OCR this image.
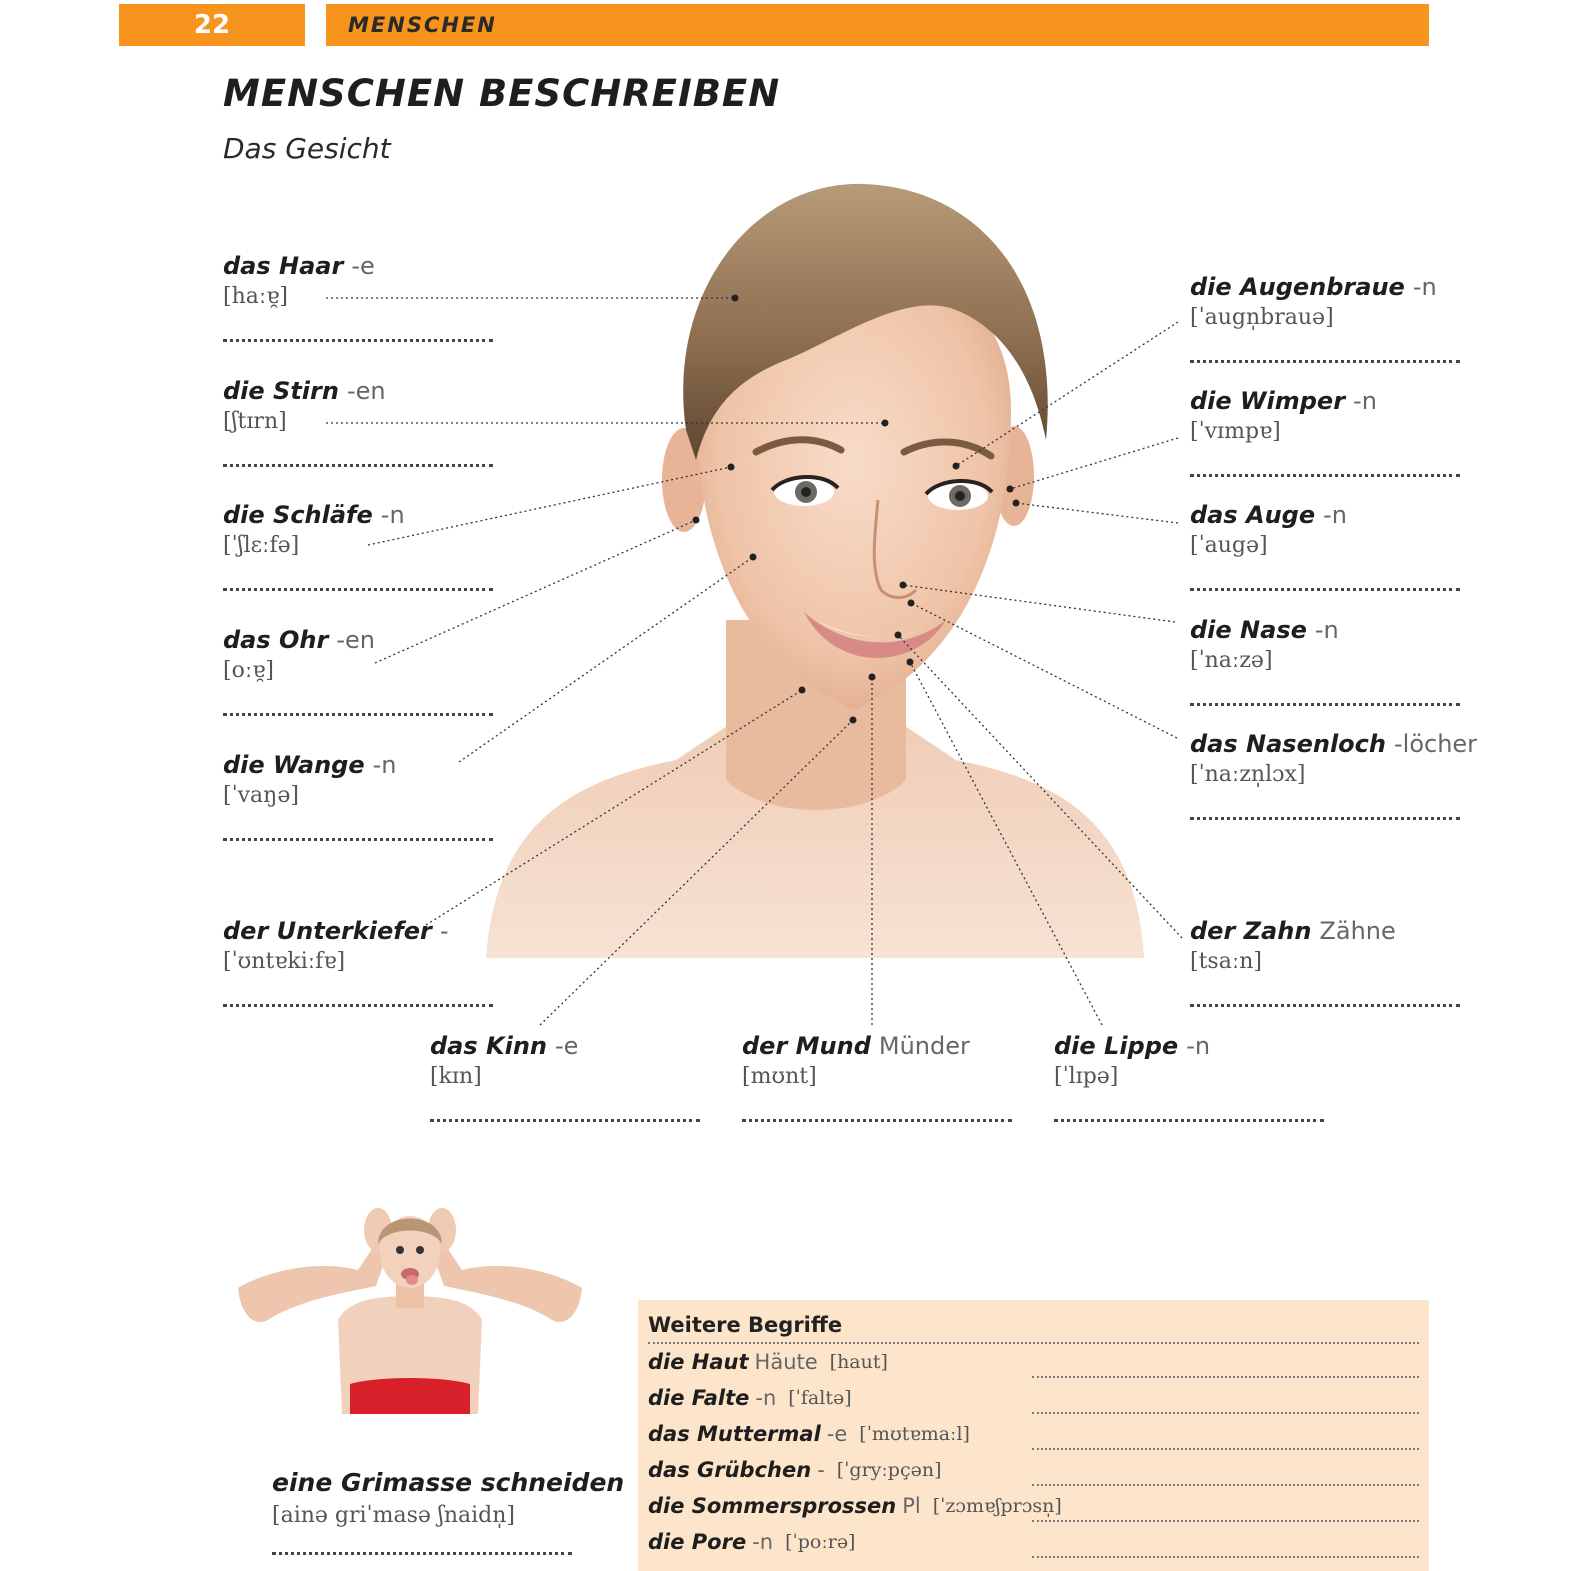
22	MENSCHEN
MENSCHEN BESCHREIBEN
Das Gesicht
das Haar -e
[haːɐ̯]
die Stirn -en
[ʃtɪrn]
die Schläfe -n
[ˈʃlɛːfə]
das Ohr -en
[oːɐ̯]
die Wange -n
[ˈvaŋə]
der Unterkiefer -
[ˈʊntɐkiːfɐ]
die Augenbraue -n
[ˈaugn̩brauə]
die Wimper -n
[ˈvɪmpɐ]
das Auge -n
[ˈaugə]
die Nase -n
[ˈnaːzə]
das Nasenloch -löcher
[ˈnaːzn̩lɔx]
der Zahn Zähne
[tsaːn]
das Kinn -e
[kɪn]
der Mund Münder
[mʊnt]
die Lippe -n
[ˈlɪpə]
eine Grimasse schneiden
[ainə griˈmasə ʃnaidn̩]
Weitere Begriffe
die Haut Häute [haut]
die Falte -n [ˈfaltə]
das Muttermal -e [ˈmʊtɐmaːl]
das Grübchen - [ˈgryːpçən]
die Sommersprossen Pl [ˈzɔmɐʃprɔsn̩]
die Pore -n [ˈpoːrə]
